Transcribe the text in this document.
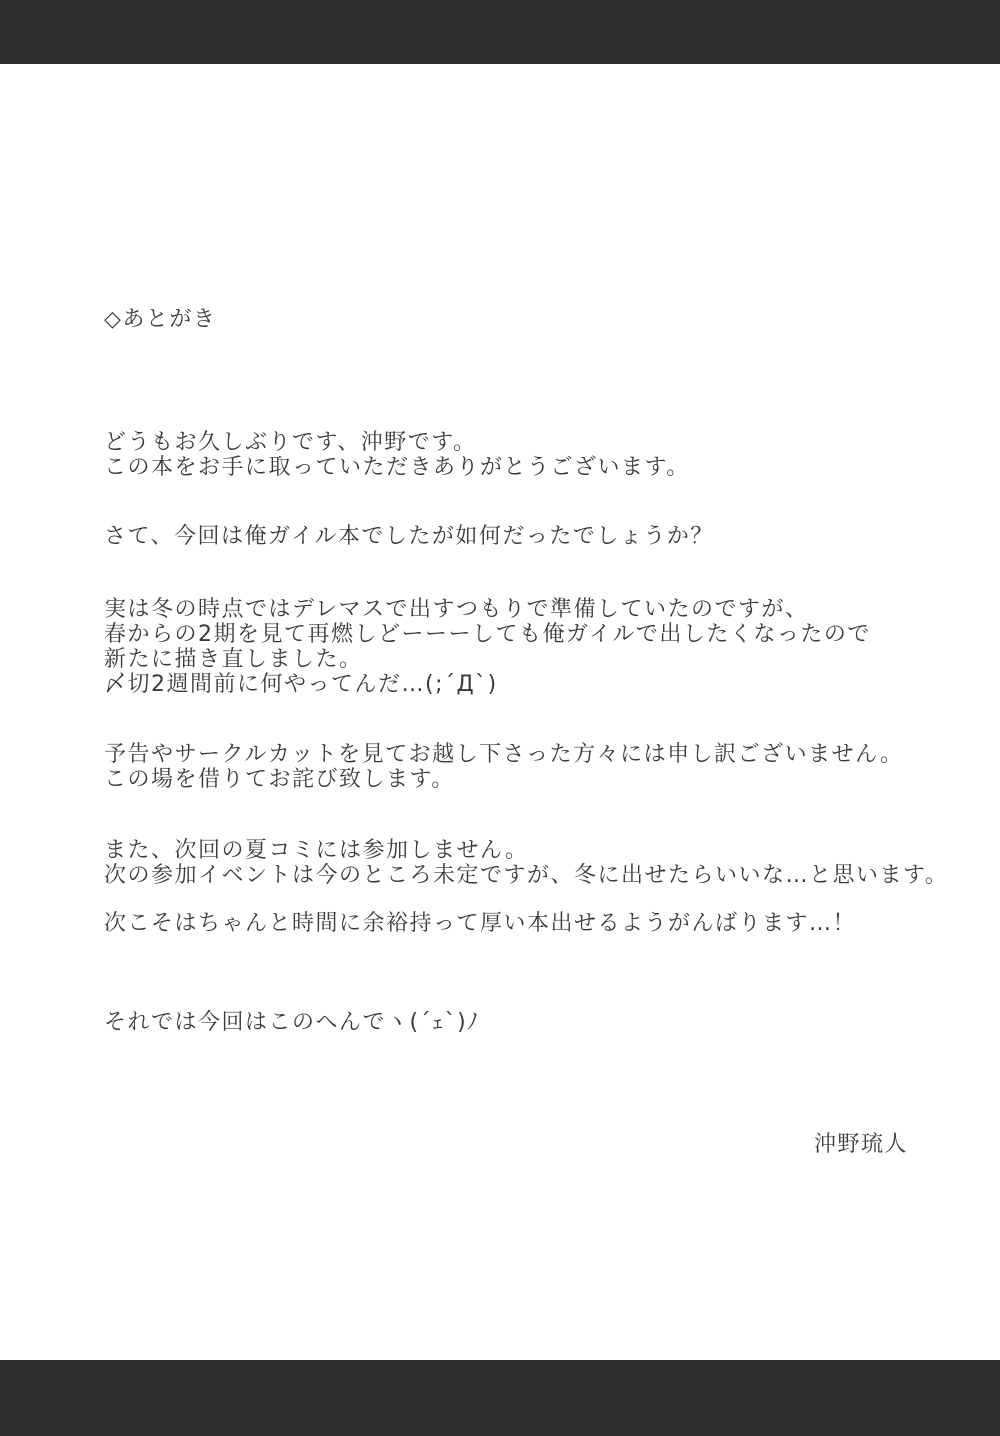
◇あとがき
どうもお久しぶりです、沖野です。
この本をお手に取っていただきありがとうございます。
さて、今回は俺ガイル本でしたが如何だったでしょうか？
実は冬の時点ではデレマスで出すつもりで準備していたのですが、
春からの2期を見て再燃しどーーーしても俺ガイルで出したくなったので
新たに描き直しました。
〆切2週間前に何やってんだ…(;´Д`)
予告やサークルカットを見てお越し下さった方々には申し訳ございません。
この場を借りてお詫び致します。
また、次回の夏コミには参加しません。
次の参加イベントは今のところ未定ですが、冬に出せたらいいな…と思います。
次こそはちゃんと時間に余裕持って厚い本出せるようがんばります…！
それでは今回はこのへんでヽ(´ｪ`)ﾉ
沖野琉人
